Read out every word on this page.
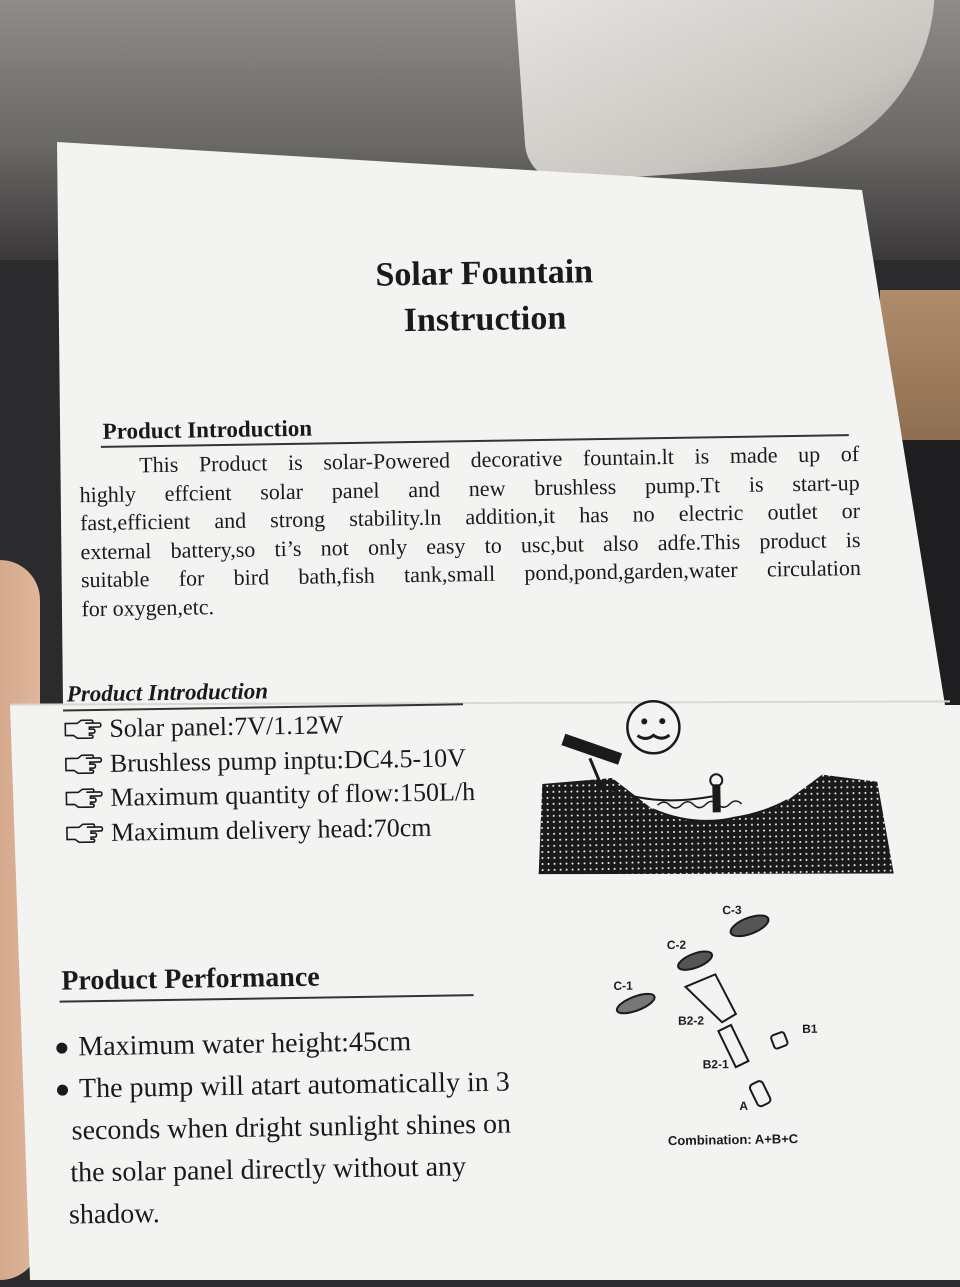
Solar Fountain
Instruction
Product Introduction
This Product is solar-Powered decorative fountain.lt is made up of
highly effcient solar panel and new brushless pump.Tt is start-up
fast,efficient and strong stability.ln addition,it has no electric outlet or
external battery,so ti’s not only easy to usc,but also adfe.This product is
suitable for bird bath,fish tank,small pond,pond,garden,water circulation
for oxygen,etc.
Product Introduction
Solar panel:7V/1.12W
Brushless pump inptu:DC4.5-10V
Maximum quantity of flow:150L/h
Maximum delivery head:70cm
Product Performance
Maximum water height:45cm
The pump will atart automatically in 3
seconds when dright sunlight shines on
the solar panel directly without any
shadow.
C-3
C-2
C-1
B2-2
B2-1
B1
A
Combination: A+B+C
